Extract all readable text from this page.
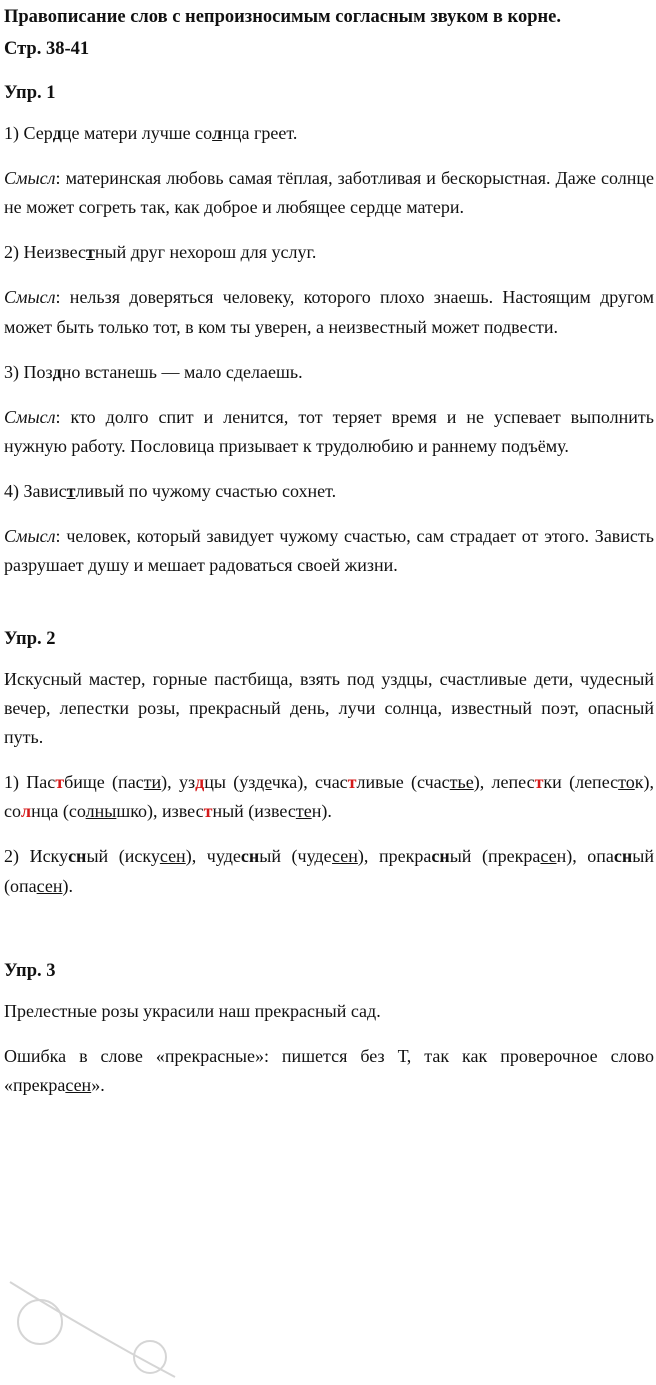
Правописание слов с непроизносимым согласным звуком в корне.

Стр. 38-41

Упр. 1

1) Сердце матери лучше солнца греет.

Смысл: материнская любовь самая тёплая, заботливая и бескорыстная. Даже солнце не может согреть так, как доброе и любящее сердце матери.

2) Неизвестный друг нехорош для услуг.

Смысл: нельзя доверяться человеку, которого плохо знаешь. Настоящим другом может быть только тот, в ком ты уверен, а неизвестный может подвести.

3) Поздно встанешь — мало сделаешь.

Смысл: кто долго спит и ленится, тот теряет время и не успевает выполнить нужную работу. Пословица призывает к трудолюбию и раннему подъёму.

4) Завистливый по чужому счастью сохнет.

Смысл: человек, который завидует чужому счастью, сам страдает от этого. Зависть разрушает душу и мешает радоваться своей жизни.

Упр. 2

Искусный мастер, горные пастбища, взять под уздцы, счастливые дети, чудесный вечер, лепестки розы, прекрасный день, лучи солнца, известный поэт, опасный путь.

1) Пастбище (пасти), уздцы (уздечка), счастливые (счастье), лепестки (лепесток), солнца (солнышко), известный (известен).

2) Искусный (искусен), чудесный (чудесен), прекрасный (прекрасен), опасный (опасен).

Упр. 3

Прелестные розы украсили наш прекрасный сад.

Ошибка в слове «прекрасные»: пишется без Т, так как проверочное слово «прекрасен».
